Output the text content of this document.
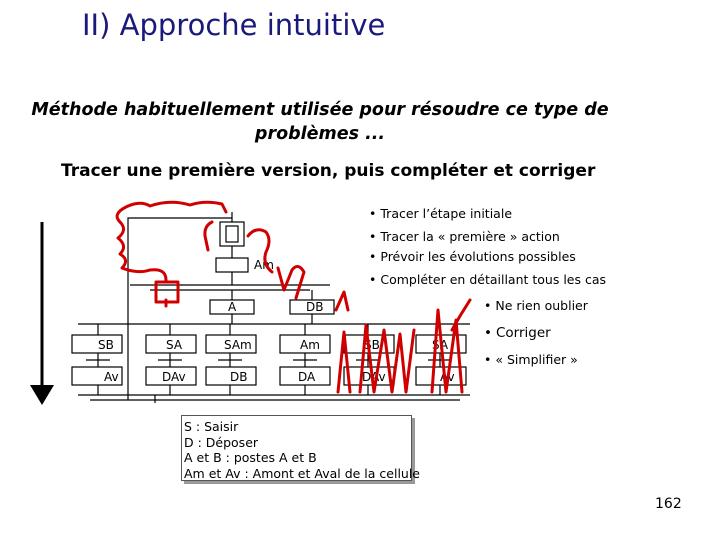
II) Approche intuitive
Méthode habituellement utilisée pour résoudre ce type de problèmes ...
Tracer une première version, puis compléter et corriger
Am
A	DB
SB	SA	SAm	Am	SB	SA
Av	DAv	DB	DA	DAv	Av
• Tracer l’étape initiale
• Tracer la « première » action
• Prévoir les évolutions possibles
• Compléter en détaillant tous les cas
• Ne rien oublier
• Corriger
• « Simplifier »
S : Saisir
D : Déposer
A et B : postes A et B
Am et Av : Amont et Aval de la cellule
162
